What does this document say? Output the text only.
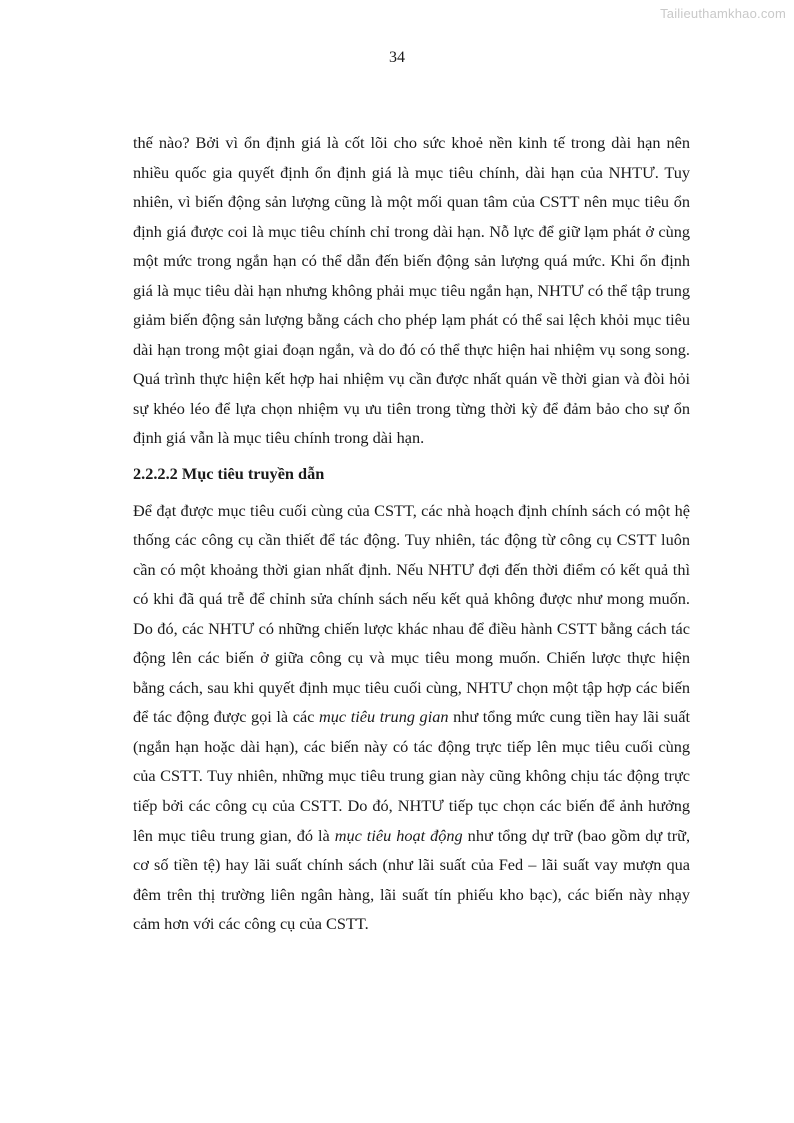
Tailieuthamkhao.com
34

thế nào? Bởi vì ổn định giá là cốt lõi cho sức khoẻ nền kinh tế trong dài hạn nên nhiều quốc gia quyết định ổn định giá là mục tiêu chính, dài hạn của NHTƯ. Tuy nhiên, vì biến động sản lượng cũng là một mối quan tâm của CSTT nên mục tiêu ổn định giá được coi là mục tiêu chính chỉ trong dài hạn. Nỗ lực để giữ lạm phát ở cùng một mức trong ngắn hạn có thể dẫn đến biến động sản lượng quá mức. Khi ổn định giá là mục tiêu dài hạn nhưng không phải mục tiêu ngắn hạn, NHTƯ có thể tập trung giảm biến động sản lượng bằng cách cho phép lạm phát có thể sai lệch khỏi mục tiêu dài hạn trong một giai đoạn ngắn, và do đó có thể thực hiện hai nhiệm vụ song song. Quá trình thực hiện kết hợp hai nhiệm vụ cần được nhất quán về thời gian và đòi hỏi sự khéo léo để lựa chọn nhiệm vụ ưu tiên trong từng thời kỳ để đảm bảo cho sự ổn định giá vẫn là mục tiêu chính trong dài hạn.

2.2.2.2 Mục tiêu truyền dẫn

Để đạt được mục tiêu cuối cùng của CSTT, các nhà hoạch định chính sách có một hệ thống các công cụ cần thiết để tác động. Tuy nhiên, tác động từ công cụ CSTT luôn cần có một khoảng thời gian nhất định. Nếu NHTƯ đợi đến thời điểm có kết quả thì có khi đã quá trễ để chỉnh sửa chính sách nếu kết quả không được như mong muốn. Do đó, các NHTƯ có những chiến lược khác nhau để điều hành CSTT bằng cách tác động lên các biến ở giữa công cụ và mục tiêu mong muốn. Chiến lược thực hiện bằng cách, sau khi quyết định mục tiêu cuối cùng, NHTƯ chọn một tập hợp các biến để tác động được gọi là các mục tiêu trung gian như tổng mức cung tiền hay lãi suất (ngắn hạn hoặc dài hạn), các biến này có tác động trực tiếp lên mục tiêu cuối cùng của CSTT. Tuy nhiên, những mục tiêu trung gian này cũng không chịu tác động trực tiếp bởi các công cụ của CSTT. Do đó, NHTƯ tiếp tục chọn các biến để ảnh hưởng lên mục tiêu trung gian, đó là mục tiêu hoạt động như tổng dự trữ (bao gồm dự trữ, cơ số tiền tệ) hay lãi suất chính sách (như lãi suất của Fed – lãi suất vay mượn qua đêm trên thị trường liên ngân hàng, lãi suất tín phiếu kho bạc), các biến này nhạy cảm hơn với các công cụ của CSTT.
